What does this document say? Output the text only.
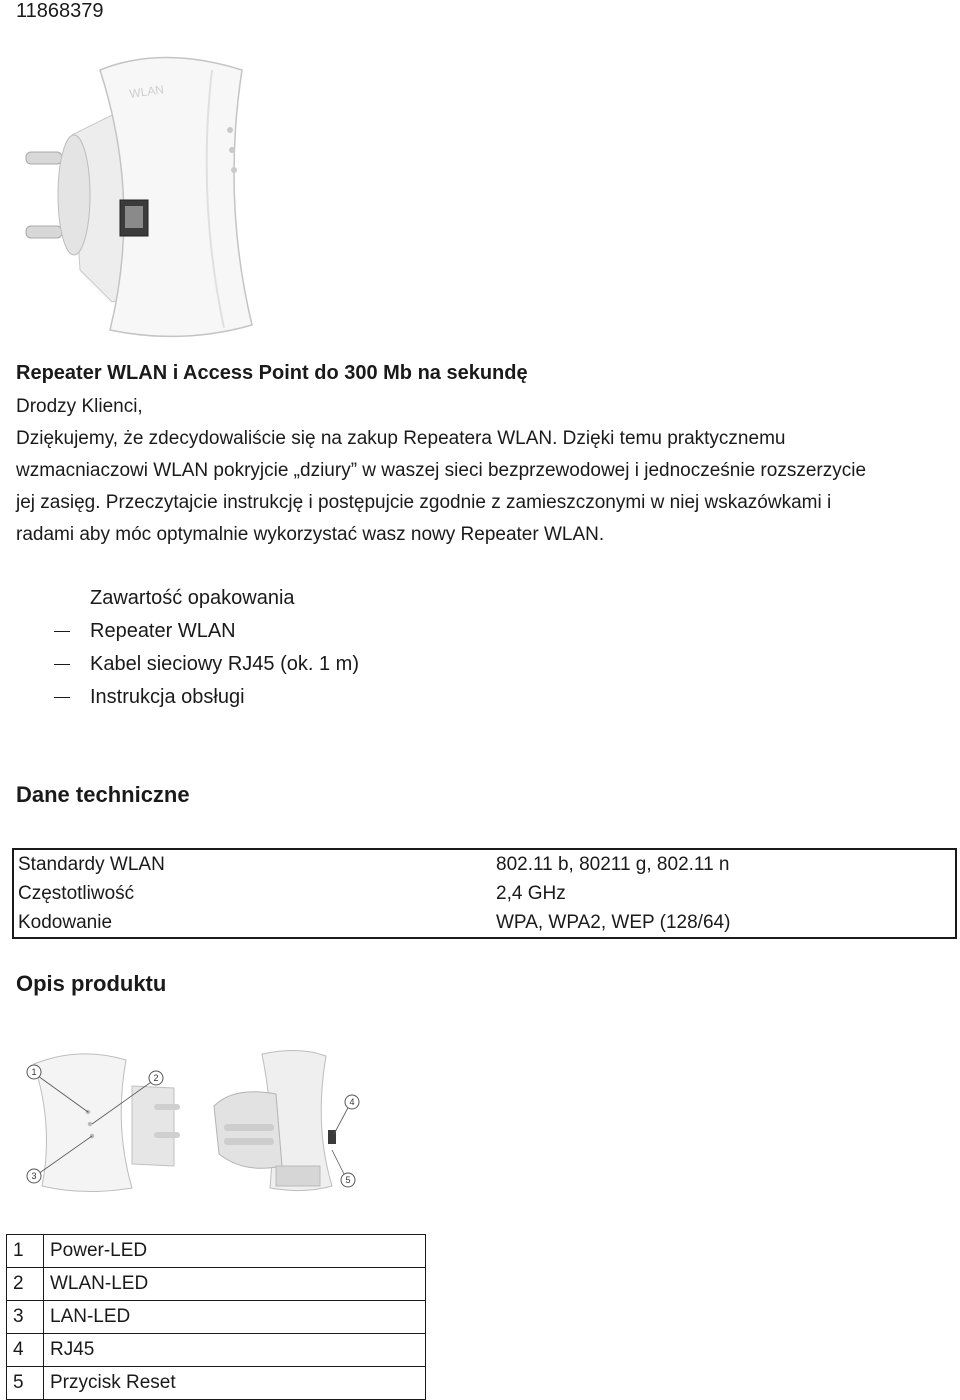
11868379
WLAN
Repeater WLAN i Access Point do 300 Mb na sekundę
Drodzy Klienci,
Dziękujemy, że zdecydowaliście się na zakup Repeatera WLAN. Dzięki temu praktycznemu
wzmacniaczowi WLAN pokryjcie „dziury” w waszej sieci bezprzewodowej i jednocześnie rozszerzycie
jej zasięg. Przeczytajcie instrukcję i postępujcie zgodnie z zamieszczonymi w niej wskazówkami i
radami aby móc optymalnie wykorzystać wasz nowy Repeater WLAN.
Zawartość opakowania
Repeater WLAN
Kabel sieciowy RJ45 (ok. 1 m)
Instrukcja obsługi
Dane techniczne
Standardy WLAN	802.11 b, 80211 g, 802.11 n
Częstotliwość	2,4 GHz
Kodowanie	WPA, WPA2, WEP (128/64)
Opis produktu
1
2
3
4
5
1	Power-LED
2	WLAN-LED
3	LAN-LED
4	RJ45
5	Przycisk Reset
